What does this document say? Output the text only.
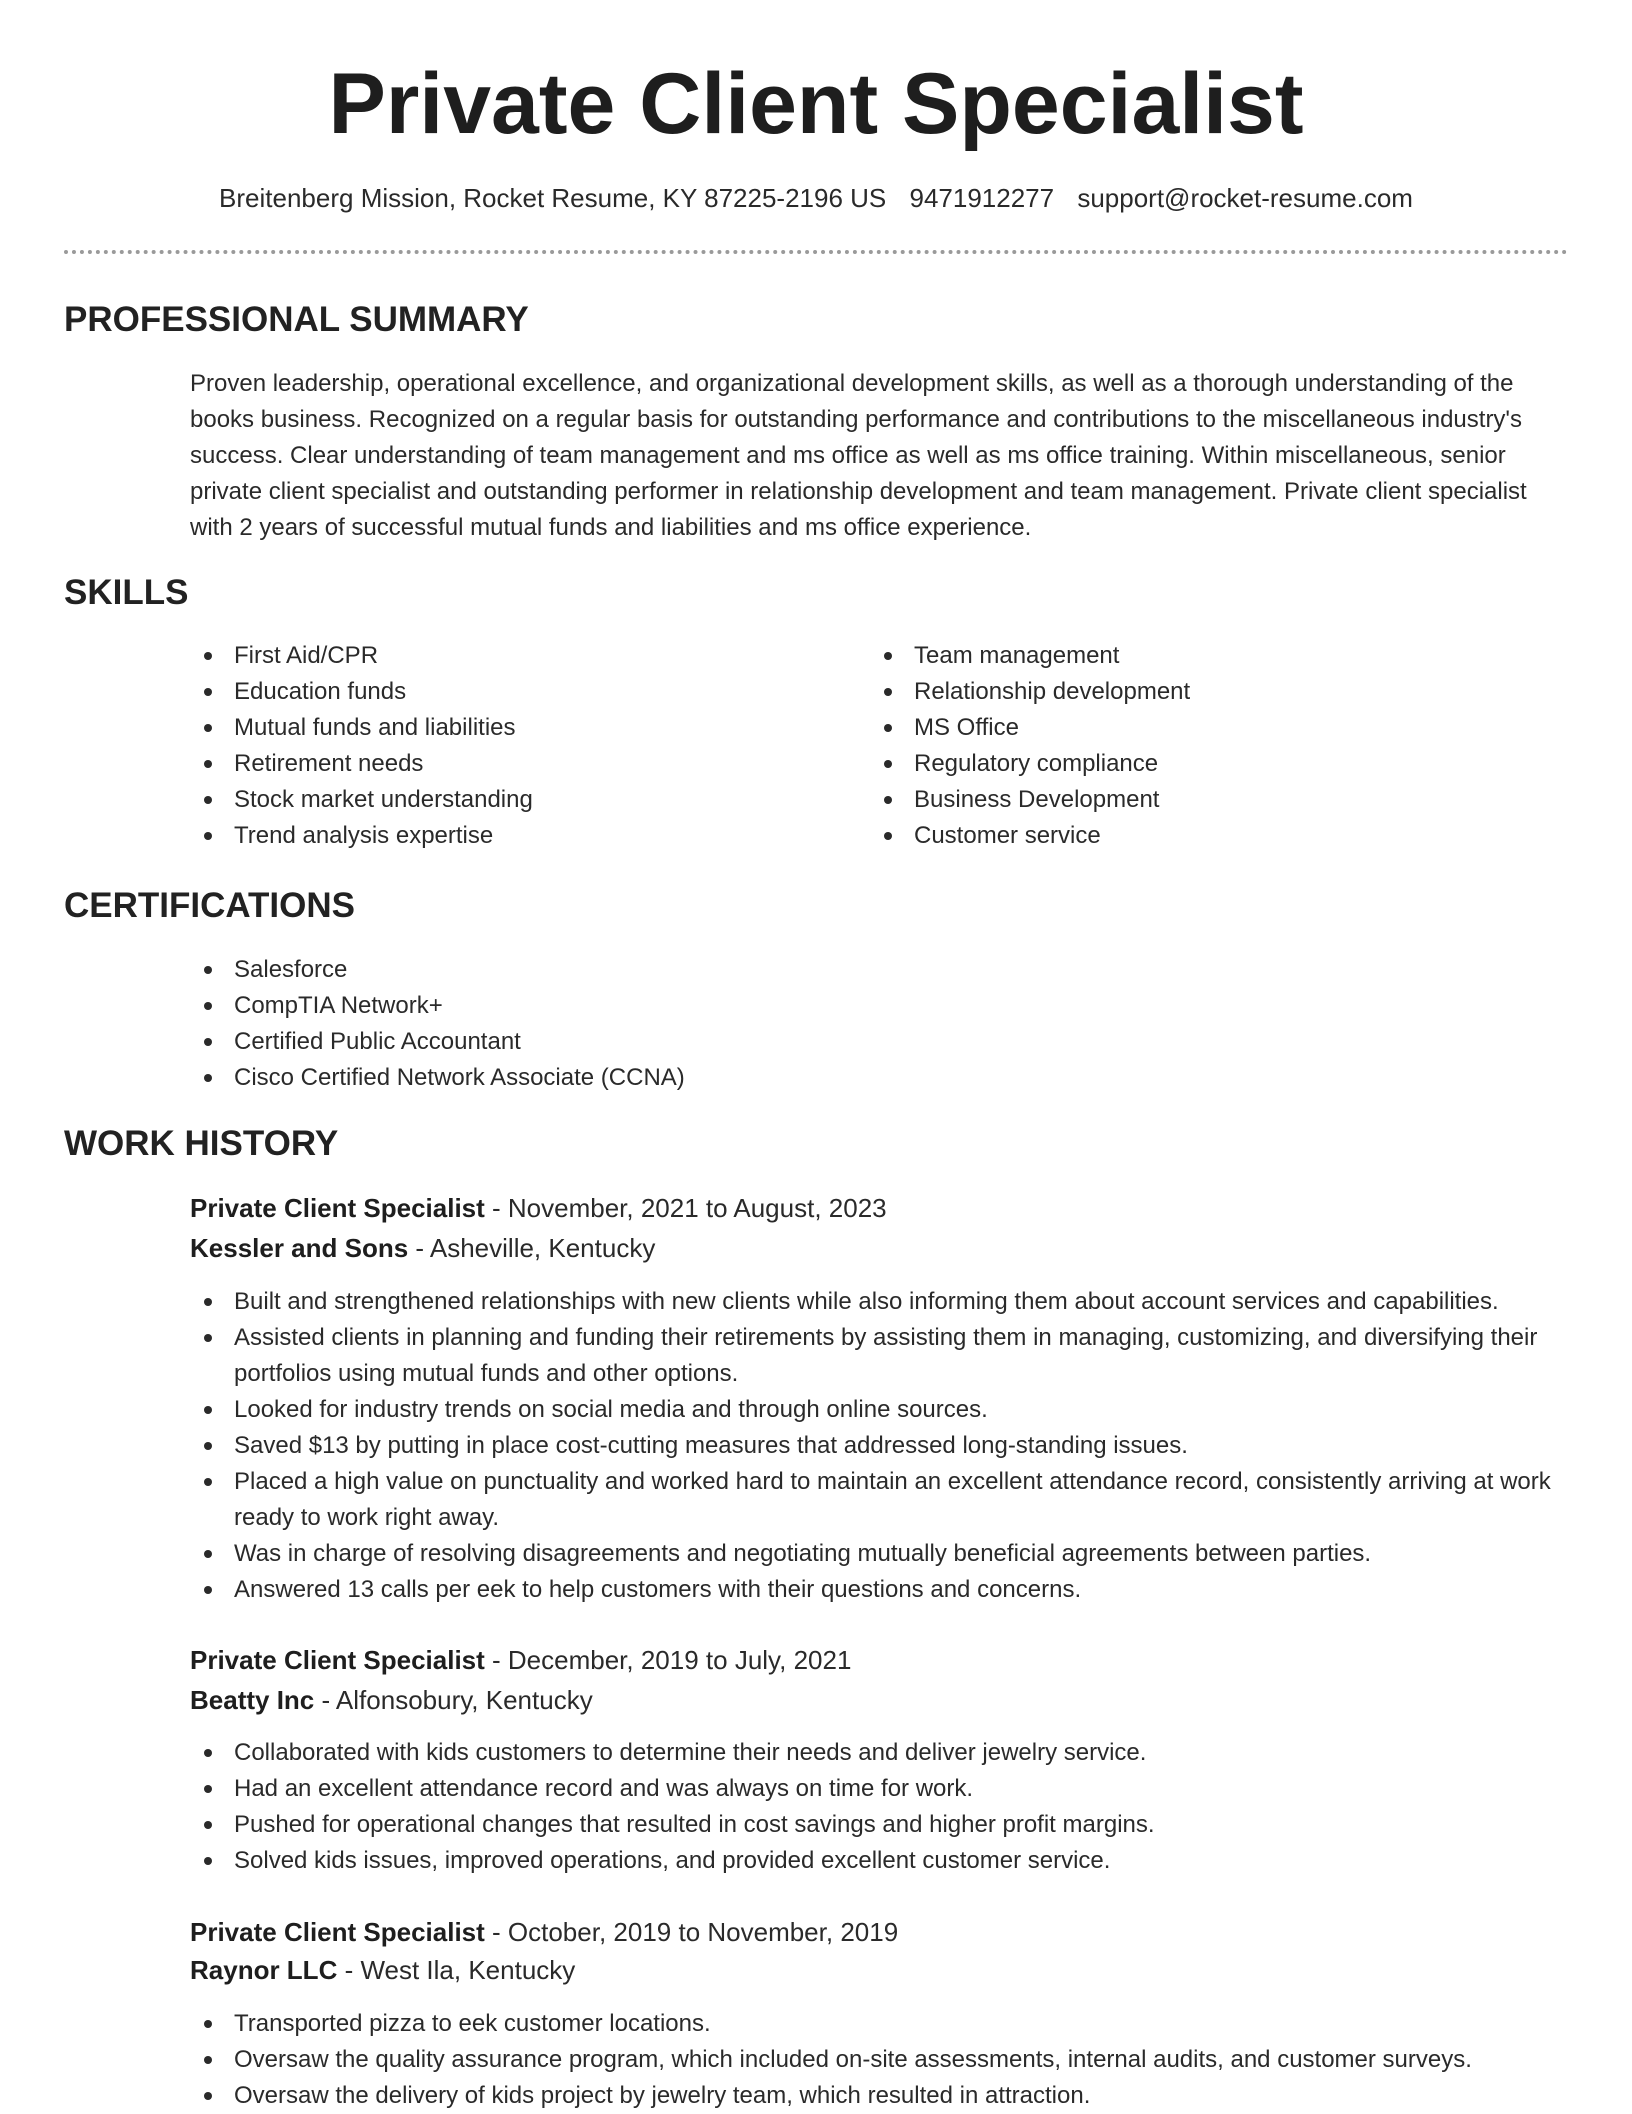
Private Client Specialist
Breitenberg Mission, Rocket Resume, KY 87225-2196 US 9471912277 support@rocket-resume.com
PROFESSIONAL SUMMARY

Proven leadership, operational excellence, and organizational development skills, as well as a thorough understanding of the books business. Recognized on a regular basis for outstanding performance and contributions to the miscellaneous industry's success. Clear understanding of team management and ms office as well as ms office training. Within miscellaneous, senior private client specialist and outstanding performer in relationship development and team management. Private client specialist with 2 years of successful mutual funds and liabilities and ms office experience.

SKILLS
First Aid/CPR
Education funds
Mutual funds and liabilities
Retirement needs
Stock market understanding
Trend analysis expertise
Team management
Relationship development
MS Office
Regulatory compliance
Business Development
Customer service
CERTIFICATIONS
Salesforce
CompTIA Network+
Certified Public Accountant
Cisco Certified Network Associate (CCNA)
WORK HISTORY

Private Client Specialist - November, 2021 to August, 2023

Kessler and Sons - Asheville, Kentucky

Built and strengthened relationships with new clients while also informing them about account services and capabilities.
Assisted clients in planning and funding their retirements by assisting them in managing, customizing, and diversifying their portfolios using mutual funds and other options.
Looked for industry trends on social media and through online sources.
Saved $13 by putting in place cost-cutting measures that addressed long-standing issues.
Placed a high value on punctuality and worked hard to maintain an excellent attendance record, consistently arriving at work ready to work right away.
Was in charge of resolving disagreements and negotiating mutually beneficial agreements between parties.
Answered 13 calls per eek to help customers with their questions and concerns.

Private Client Specialist - December, 2019 to July, 2021

Beatty Inc - Alfonsobury, Kentucky

Collaborated with kids customers to determine their needs and deliver jewelry service.
Had an excellent attendance record and was always on time for work.
Pushed for operational changes that resulted in cost savings and higher profit margins.
Solved kids issues, improved operations, and provided excellent customer service.

Private Client Specialist - October, 2019 to November, 2019

Raynor LLC - West Ila, Kentucky

Transported pizza to eek customer locations.
Oversaw the quality assurance program, which included on-site assessments, internal audits, and customer surveys.
Oversaw the delivery of kids project by jewelry team, which resulted in attraction.
